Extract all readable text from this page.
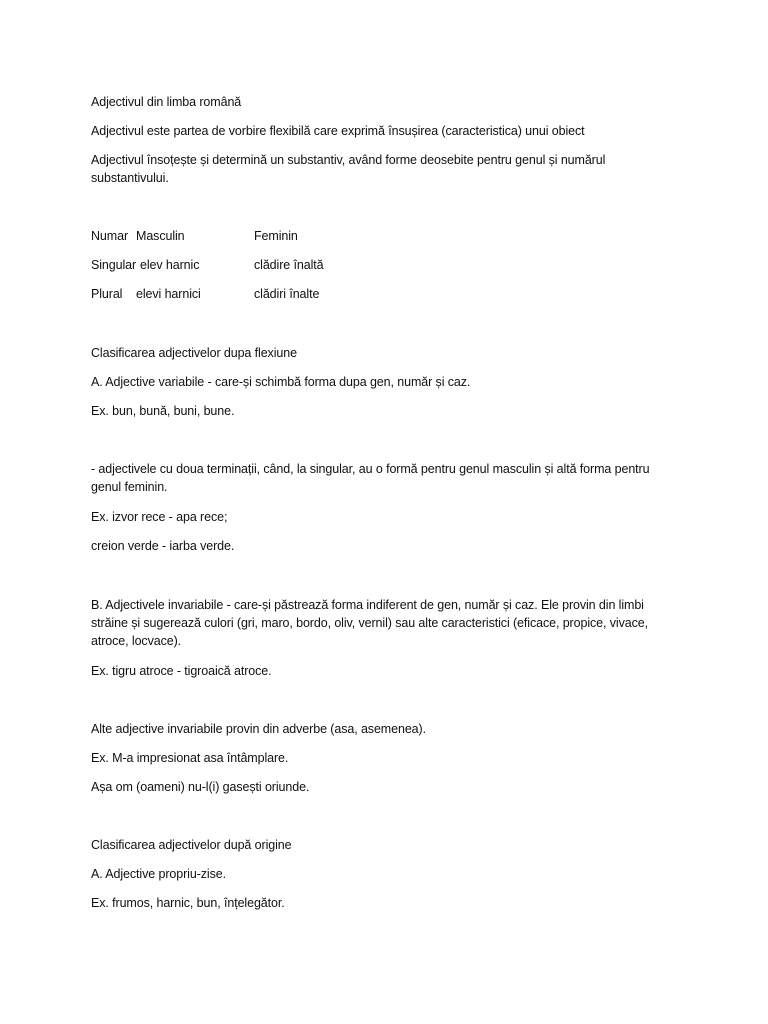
Adjectivul din limba română
Adjectivul este partea de vorbire flexibilă care exprimă însușirea (caracteristica) unui obiect
Adjectivul însoțește și determină un substantiv, având forme deosebite pentru genul și numărul substantivului.
Numar Masculin	Feminin
Singular elev harnic	clădire înaltă
Plural elevi harnici	clădiri înalte
Clasificarea adjectivelor dupa flexiune
A. Adjective variabile - care-și schimbă forma dupa gen, număr și caz.
Ex. bun, bună, buni, bune.
- adjectivele cu doua terminații, când, la singular, au o formă pentru genul masculin și altă forma pentru genul feminin.
Ex. izvor rece - apa rece;
creion verde - iarba verde.
B. Adjectivele invariabile - care-și păstrează forma indiferent de gen, număr și caz. Ele provin din limbi străine și sugerează culori (gri, maro, bordo, oliv, vernil) sau alte caracteristici (eficace, propice, vivace, atroce, locvace).
Ex. tigru atroce - tigroaică atroce.
Alte adjective invariabile provin din adverbe (asa, asemenea).
Ex. M-a impresionat asa întâmplare.
Așa om (oameni) nu-l(i) gasești oriunde.
Clasificarea adjectivelor după origine
A. Adjective propriu-zise.
Ex. frumos, harnic, bun, înțelegător.
